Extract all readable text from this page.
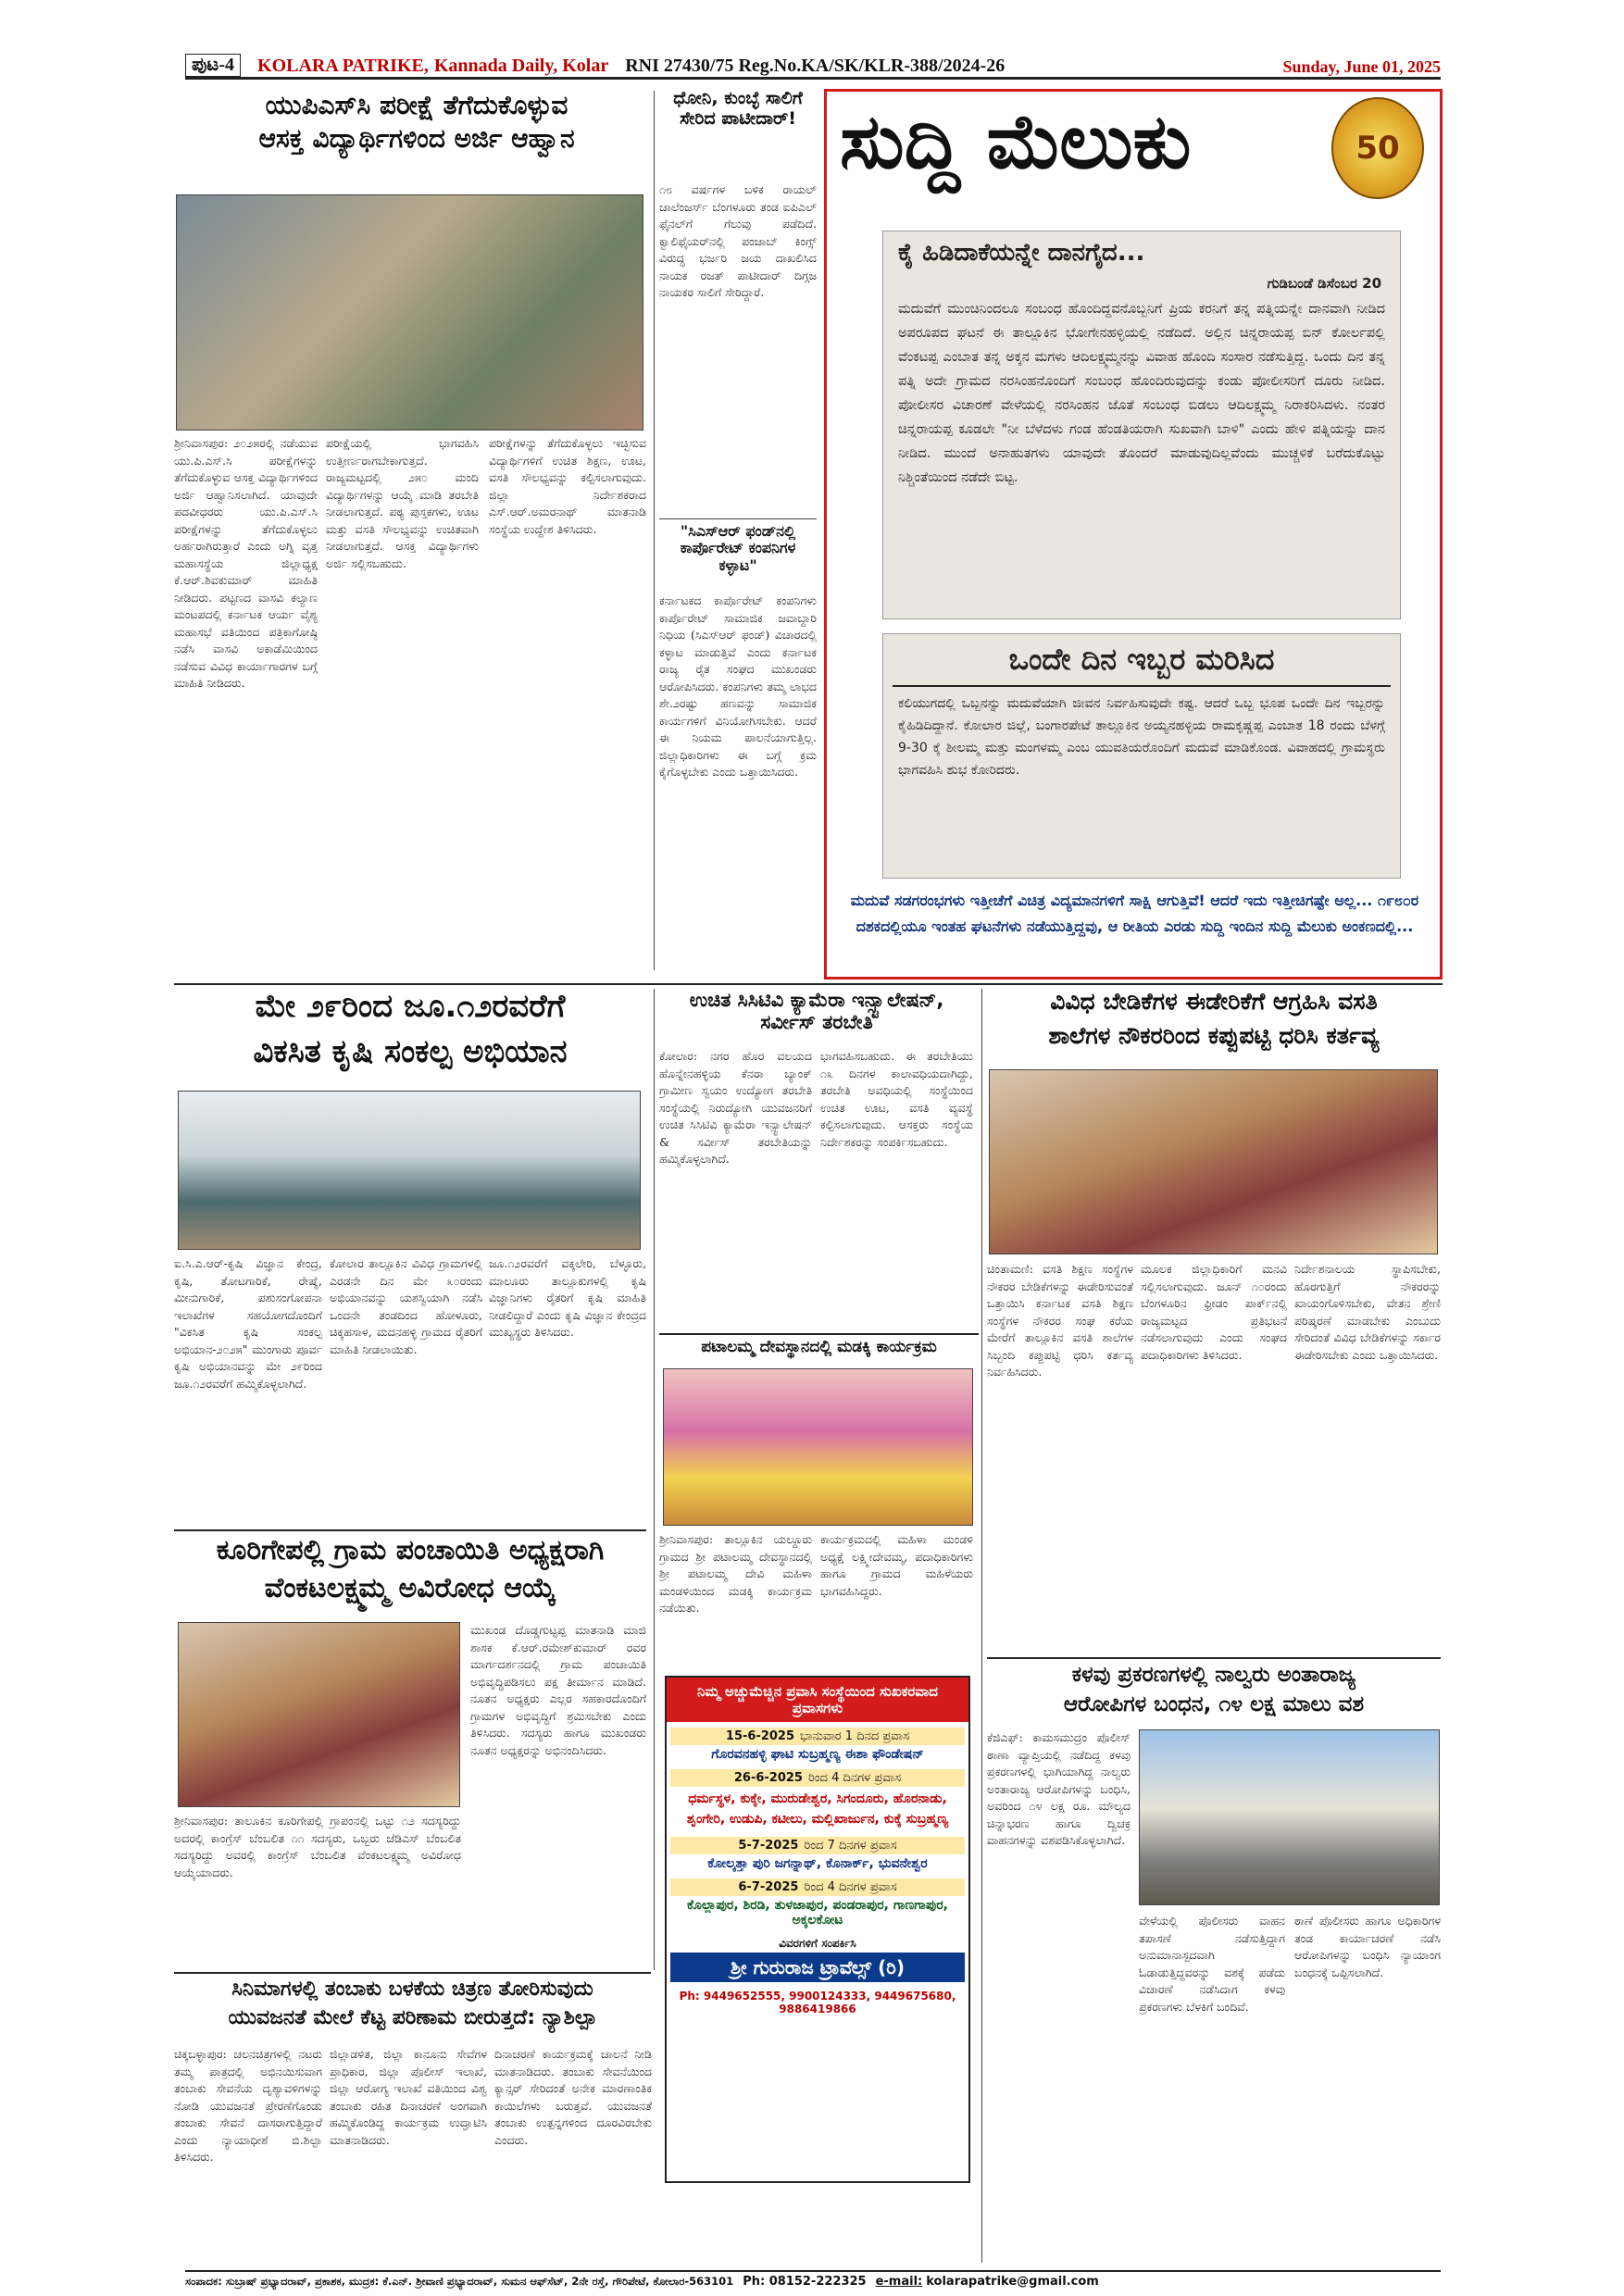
ಪುಟ-4	KOLARA PATRIKE, Kannada Daily, Kolar RNI 27430/75 Reg.No.KA/SK/KLR-388/2024-26	Sunday, June 01, 2025
ಯುಪಿಎಸ್‌ಸಿ ಪರೀಕ್ಷೆ ತೆಗೆದುಕೊಳ್ಳುವ
ಆಸಕ್ತ ವಿದ್ಯಾರ್ಥಿಗಳಿಂದ ಅರ್ಜಿ ಆಹ್ವಾನ
ಶ್ರೀನಿವಾಸಪುರ: ೨೦೨೫ರಲ್ಲಿ ನಡೆಯುವ ಯು.ಪಿ.ಎಸ್.ಸಿ ಪರೀಕ್ಷೆಗಳನ್ನು ತೆಗೆದುಕೊಳ್ಳುವ ಆಸಕ್ತ ವಿದ್ಯಾರ್ಥಿಗಳಿಂದ ಅರ್ಜಿ ಆಹ್ವಾನಿಸಲಾಗಿದೆ. ಯಾವುದೇ ಪದವೀಧರರು ಯು.ಪಿ.ಎಸ್.ಸಿ ಪರೀಕ್ಷೆಗಳನ್ನು ತೆಗೆದುಕೊಳ್ಳಲು ಅರ್ಹರಾಗಿರುತ್ತಾರೆ ಎಂದು ಅಗ್ನಿ ವೃತ್ತ ಮಹಾಸಸ್ಥೆಯ ಜಿಲ್ಲಾಧ್ಯಕ್ಷ ಕೆ.ಆರ್.ಶಿವಕುಮಾರ್ ಮಾಹಿತಿ ನೀಡಿದರು. ಪಟ್ಟಣದ ವಾಸವಿ ಕಲ್ಯಾಣ ಮಂಟಪದಲ್ಲಿ ಕರ್ನಾಟಕ ಆರ್ಯ ವೈಶ್ಯ ಮಹಾಸಭೆ ವತಿಯಿಂದ ಪತ್ರಿಕಾಗೋಷ್ಠಿ ನಡೆಸಿ ವಾಸವಿ ಅಕಾಡೆಮಿಯಿಂದ ನಡೆಸುವ ವಿವಿಧ ಕಾರ್ಯಾಗಾರಗಳ ಬಗ್ಗೆ ಮಾಹಿತಿ ನೀಡಿದರು.
ಪರೀಕ್ಷೆಯಲ್ಲಿ ಭಾಗವಹಿಸಿ ಉತ್ತೀರ್ಣರಾಗಬೇಕಾಗುತ್ತದೆ. ರಾಜ್ಯಮಟ್ಟದಲ್ಲಿ ೨೫೦ ಮಂದಿ ವಿದ್ಯಾರ್ಥಿಗಳನ್ನು ಆಯ್ಕೆ ಮಾಡಿ ತರಬೇತಿ ನೀಡಲಾಗುತ್ತದೆ. ಪಠ್ಯ ಪುಸ್ತಕಗಳು, ಊಟ ಮತ್ತು ವಸತಿ ಸೌಲಭ್ಯವನ್ನು ಉಚಿತವಾಗಿ ನೀಡಲಾಗುತ್ತದೆ. ಆಸಕ್ತ ವಿದ್ಯಾರ್ಥಿಗಳು ಅರ್ಜಿ ಸಲ್ಲಿಸಬಹುದು.
ಪರೀಕ್ಷೆಗಳನ್ನು ತೆಗೆದುಕೊಳ್ಳಲು ಇಚ್ಛಿಸುವ ವಿದ್ಯಾರ್ಥಿಗಳಿಗೆ ಉಚಿತ ಶಿಕ್ಷಣ, ಊಟ, ವಸತಿ ಸೌಲಭ್ಯವನ್ನು ಕಲ್ಪಿಸಲಾಗುವುದು. ಜಿಲ್ಲಾ ನಿರ್ದೇಶಕರಾದ ಎಸ್.ಆರ್.ಅಮರನಾಥ್ ಮಾತನಾಡಿ ಸಂಸ್ಥೆಯ ಉದ್ದೇಶ ತಿಳಿಸಿದರು.
ಧೋನಿ, ಕುಂಬ್ಳೆ ಸಾಲಿಗೆ ಸೇರಿದ ಪಾಟೀದಾರ್!
೧೮ ವರ್ಷಗಳ ಬಳಿಕ ರಾಯಲ್ ಚಾಲೆಂಜರ್ಸ್ ಬೆಂಗಳೂರು ತಂಡ ಐಪಿಎಲ್ ಫೈನಲ್‌ಗೆ ಗೆಲುವು ಪಡೆದಿದೆ. ಕ್ವಾಲಿಫೈಯರ್‌ನಲ್ಲಿ ಪಂಜಾಬ್ ಕಿಂಗ್ಸ್ ವಿರುದ್ಧ ಭರ್ಜರಿ ಜಯ ದಾಖಲಿಸಿದ ನಾಯಕ ರಜತ್ ಪಾಟೀದಾರ್ ದಿಗ್ಗಜ ನಾಯಕರ ಸಾಲಿಗೆ ಸೇರಿದ್ದಾರೆ.
"ಸಿಎಸ್‌ಆರ್ ಫಂಡ್‌ನಲ್ಲಿ ಕಾರ್ಪೊರೇಟ್ ಕಂಪನಿಗಳ ಕಳ್ಳಾಟ"
ಕರ್ನಾಟಕದ ಕಾರ್ಪೊರೇಟ್ ಕಂಪನಿಗಳು ಕಾರ್ಪೊರೇಟ್ ಸಾಮಾಜಿಕ ಜವಾಬ್ದಾರಿ ನಿಧಿಯ (ಸಿಎಸ್‌ಆರ್ ಫಂಡ್) ವಿಚಾರದಲ್ಲಿ ಕಳ್ಳಾಟ ಮಾಡುತ್ತಿವೆ ಎಂದು ಕರ್ನಾಟಕ ರಾಜ್ಯ ರೈತ ಸಂಘದ ಮುಖಂಡರು ಆರೋಪಿಸಿದರು. ಕಂಪನಿಗಳು ತಮ್ಮ ಲಾಭದ ಶೇ.೨ರಷ್ಟು ಹಣವನ್ನು ಸಾಮಾಜಿಕ ಕಾರ್ಯಗಳಿಗೆ ವಿನಿಯೋಗಿಸಬೇಕು. ಆದರೆ ಈ ನಿಯಮ ಪಾಲನೆಯಾಗುತ್ತಿಲ್ಲ. ಜಿಲ್ಲಾಧಿಕಾರಿಗಳು ಈ ಬಗ್ಗೆ ಕ್ರಮ ಕೈಗೊಳ್ಳಬೇಕು ಎಂದು ಒತ್ತಾಯಿಸಿದರು.
ಸುದ್ದಿ ಮೆಲುಕು	50
ಕೈ ಹಿಡಿದಾಕೆಯನ್ನೇ ದಾನಗೈದ...
ಗುಡಿಬಂಡೆ ಡಿಸೆಂಬರ 20
ಮದುವೆಗೆ ಮುಂಚಿನಿಂದಲೂ ಸಂಬಂಧ ಹೊಂದಿದ್ದವನೊಬ್ಬನಿಗೆ ಪ್ರಿಯ ಕರನಿಗೆ ತನ್ನ ಪತ್ನಿಯನ್ನೇ ದಾನವಾಗಿ ನೀಡಿದ ಅಪರೂಪದ ಘಟನೆ ಈ ತಾಲ್ಲೂಕಿನ ಭೋಗೇನಹಳ್ಳಿಯಲ್ಲಿ ನಡೆದಿದೆ. ಅಲ್ಲಿನ ಚಿನ್ನರಾಯಪ್ಪ ಬಿನ್ ಕೋರ್ಲಪಲ್ಲಿ ವೆಂಕಟಪ್ಪ ಎಂಬಾತ ತನ್ನ ಅಕ್ಕನ ಮಗಳು ಆದಿಲಕ್ಷ್ಮಮ್ಮನನ್ನು ವಿವಾಹ ಹೊಂದಿ ಸಂಸಾರ ನಡೆಸುತ್ತಿದ್ದ. ಒಂದು ದಿನ ತನ್ನ ಪತ್ನಿ ಅದೇ ಗ್ರಾಮದ ನರಸಿಂಹನೊಂದಿಗೆ ಸಂಬಂಧ ಹೊಂದಿರುವುದನ್ನು ಕಂಡು ಪೋಲೀಸರಿಗೆ ದೂರು ನೀಡಿದ. ಪೋಲೀಸರ ವಿಚಾರಣೆ ವೇಳೆಯಲ್ಲಿ ನರಸಿಂಹನ ಜೊತೆ ಸಂಬಂಧ ಬಿಡಲು ಆದಿಲಕ್ಷ್ಮಮ್ಮ ನಿರಾಕರಿಸಿದಳು. ನಂತರ ಚಿನ್ನರಾಯಪ್ಪ ಕೂಡಲೇ "ನೀ ಬೆಳೆದಳು ಗಂಡ ಹೆಂಡತಿಯರಾಗಿ ಸುಖವಾಗಿ ಬಾಳಿ" ಎಂದು ಹೇಳಿ ಪತ್ನಿಯನ್ನು ದಾನ ನೀಡಿದ. ಮುಂದೆ ಅನಾಹುತಗಳು ಯಾವುದೇ ತೊಂದರೆ ಮಾಡುವುದಿಲ್ಲವೆಂದು ಮುಚ್ಚಳಿಕೆ ಬರೆದುಕೊಟ್ಟು ನಿಶ್ಚಿಂತೆಯಿಂದ ನಡೆದೇ ಬಿಟ್ಟ.
ಒಂದೇ ದಿನ ಇಬ್ಬರ ಮರಿಸಿದ
ಕಲಿಯುಗದಲ್ಲಿ ಒಬ್ಬನನ್ನು ಮದುವೆಯಾಗಿ ಜೀವನ ನಿರ್ವಹಿಸುವುದೇ ಕಷ್ಟ. ಆದರೆ ಒಬ್ಬ ಭೂಪ ಒಂದೇ ದಿನ ಇಬ್ಬರನ್ನು ಕೈಹಿಡಿದಿದ್ದಾನೆ. ಕೋಲಾರ ಜಿಲ್ಲೆ, ಬಂಗಾರಪೇಟೆ ತಾಲ್ಲೂಕಿನ ಅಯ್ಯನಹಳ್ಳಿಯ ರಾಮಕೃಷ್ಣಪ್ಪ ಎಂಬಾತ 18 ರಂದು ಬೆಳಗ್ಗೆ 9-30 ಕ್ಕೆ ಶೀಲಮ್ಮ ಮತ್ತು ಮಂಗಳಮ್ಮ ಎಂಬ ಯುವತಿಯರೊಂದಿಗೆ ಮದುವೆ ಮಾಡಿಕೊಂಡ. ವಿವಾಹದಲ್ಲಿ ಗ್ರಾಮಸ್ಥರು ಭಾಗವಹಿಸಿ ಶುಭ ಕೋರಿದರು.
ಮದುವೆ ಸಡಗರಂಭಗಳು ಇತ್ತೀಚೆಗೆ ವಿಚಿತ್ರ ವಿದ್ಯಮಾನಗಳಿಗೆ ಸಾಕ್ಷಿ ಆಗುತ್ತಿವೆ! ಆದರೆ ಇದು ಇತ್ತೀಚಿಗಷ್ಟೇ ಅಲ್ಲ... ೧೯೮೦ರ ದಶಕದಲ್ಲಿಯೂ ಇಂತಹ ಘಟನೆಗಳು ನಡೆಯುತ್ತಿದ್ದವು, ಆ ರೀತಿಯ ಎರಡು ಸುದ್ದಿ ಇಂದಿನ ಸುದ್ದಿ ಮೆಲುಕು ಅಂಕಣದಲ್ಲಿ...
ಮೇ ೨೯ರಿಂದ ಜೂ.೧೨ರವರೆಗೆ
ವಿಕಸಿತ ಕೃಷಿ ಸಂಕಲ್ಪ ಅಭಿಯಾನ
ಐ.ಸಿ.ಎ.ಆರ್-ಕೃಷಿ ವಿಜ್ಞಾನ ಕೇಂದ್ರ, ಕೃಷಿ, ತೋಟಗಾರಿಕೆ, ರೇಷ್ಮೆ, ಮೀನುಗಾರಿಕೆ, ಪಶುಸಂಗೋಪನಾ ಇಲಾಖೆಗಳ ಸಹಯೋಗದೊಂದಿಗೆ "ವಿಕಸಿತ ಕೃಷಿ ಸಂಕಲ್ಪ ಅಭಿಯಾನ-೨೦೨೫" ಮುಂಗಾರು ಪೂರ್ವ ಕೃಷಿ ಅಭಿಯಾನವನ್ನು ಮೇ ೨೯ರಿಂದ ಜೂ.೧೨ರವರೆಗೆ ಹಮ್ಮಿಕೊಳ್ಳಲಾಗಿದೆ.
ಕೋಲಾರ ತಾಲ್ಲೂಕಿನ ವಿವಿಧ ಗ್ರಾಮಗಳಲ್ಲಿ ಎರಡನೇ ದಿನ ಮೇ ೩೦ರಂದು ಅಭಿಯಾನವನ್ನು ಯಶಸ್ವಿಯಾಗಿ ನಡೆಸಿ ಒಂದನೇ ತಂಡದಿಂದ ಹೋಳೂರು, ಚಿಕ್ಕಹಸಾಳ, ಮದನಹಳ್ಳಿ ಗ್ರಾಮದ ರೈತರಿಗೆ ಮಾಹಿತಿ ನೀಡಲಾಯಿತು.
ಜೂ.೧೨ರವರೆಗೆ ವಕ್ಕಲೇರಿ, ಬೆಳ್ಳೂರು, ಮಾಲೂರು ತಾಲ್ಲೂಕುಗಳಲ್ಲಿ ಕೃಷಿ ವಿಜ್ಞಾನಿಗಳು ರೈತರಿಗೆ ಕೃಷಿ ಮಾಹಿತಿ ನೀಡಲಿದ್ದಾರೆ ಎಂದು ಕೃಷಿ ವಿಜ್ಞಾನ ಕೇಂದ್ರದ ಮುಖ್ಯಸ್ಥರು ತಿಳಿಸಿದರು.
ಕೂರಿಗೇಪಲ್ಲಿ ಗ್ರಾಮ ಪಂಚಾಯಿತಿ ಅಧ್ಯಕ್ಷರಾಗಿ
ವೆಂಕಟಲಕ್ಷ್ಮಮ್ಮ ಅವಿರೋಧ ಆಯ್ಕೆ
ಶ್ರೀನಿವಾಸಪುರ: ತಾಲೂಕಿನ ಕೂರಿಗೇಪಲ್ಲಿ ಗ್ರಾಪಂನಲ್ಲಿ ಒಟ್ಟು ೧೨ ಸದಸ್ಯರಿದ್ದು ಅದರಲ್ಲಿ ಕಾಂಗ್ರೆಸ್ ಬೆಂಬಲಿತ ೧೧ ಸದಸ್ಯರು, ಒಬ್ಬರು ಜೆಡಿಎಸ್ ಬೆಂಬಲಿತ ಸದಸ್ಯರಿದ್ದು ಅವರಲ್ಲಿ ಕಾಂಗ್ರೆಸ್ ಬೆಂಬಲಿತ ವೆಂಕಟಲಕ್ಷ್ಮಮ್ಮ ಅವಿರೋಧ ಆಯ್ಕೆಯಾದರು.
ಮುಖಂಡ ದೊಡ್ಡಗುಟ್ಟಪ್ಪ ಮಾತನಾಡಿ ಮಾಜಿ ಶಾಸಕ ಕೆ.ಆರ್.ರಮೇಶ್‌ಕುಮಾರ್ ರವರ ಮಾರ್ಗದರ್ಶನದಲ್ಲಿ ಗ್ರಾಮ ಪಂಚಾಯಿತಿ ಅಭಿವೃದ್ಧಿಪಡಿಸಲು ಪಕ್ಷ ತೀರ್ಮಾನ ಮಾಡಿದೆ. ನೂತನ ಅಧ್ಯಕ್ಷರು ಎಲ್ಲರ ಸಹಕಾರದೊಂದಿಗೆ ಗ್ರಾಮಗಳ ಅಭಿವೃದ್ಧಿಗೆ ಶ್ರಮಿಸಬೇಕು ಎಂದು ತಿಳಿಸಿದರು. ಸದಸ್ಯರು ಹಾಗೂ ಮುಖಂಡರು ನೂತನ ಅಧ್ಯಕ್ಷರನ್ನು ಅಭಿನಂದಿಸಿದರು.
ಸಿನಿಮಾಗಳಲ್ಲಿ ತಂಬಾಕು ಬಳಕೆಯ ಚಿತ್ರಣ ತೋರಿಸುವುದು
ಯುವಜನತೆ ಮೇಲೆ ಕೆಟ್ಟ ಪರಿಣಾಮ ಬೀರುತ್ತದೆ: ನ್ಯಾಶಿಲ್ಪಾ
ಚಿಕ್ಕಬಳ್ಳಾಪುರ: ಚಲನಚಿತ್ರಗಳಲ್ಲಿ ನಟರು ತಮ್ಮ ಪಾತ್ರದಲ್ಲಿ ಅಭಿನಯಿಸುವಾಗ ತಂಬಾಕು ಸೇವನೆಯ ದೃಶ್ಯಾವಳಿಗಳನ್ನು ನೋಡಿ ಯುವಜನತೆ ಪ್ರೇರಣೆಗೊಂಡು ತಂಬಾಕು ಸೇವನೆ ದಾಸರಾಗುತ್ತಿದ್ದಾರೆ ಎಂದು ನ್ಯಾಯಾಧೀಶೆ ಬಿ.ಶಿಲ್ಪಾ ತಿಳಿಸಿದರು.
ಜಿಲ್ಲಾಡಳಿತ, ಜಿಲ್ಲಾ ಕಾನೂನು ಸೇವೆಗಳ ಪ್ರಾಧಿಕಾರ, ಜಿಲ್ಲಾ ಪೊಲೀಸ್ ಇಲಾಖೆ, ಜಿಲ್ಲಾ ಆರೋಗ್ಯ ಇಲಾಖೆ ವತಿಯಿಂದ ವಿಶ್ವ ತಂಬಾಕು ರಹಿತ ದಿನಾಚರಣೆ ಅಂಗವಾಗಿ ಹಮ್ಮಿಕೊಂಡಿದ್ದ ಕಾರ್ಯಕ್ರಮ ಉದ್ಘಾಟಿಸಿ ಮಾತನಾಡಿದರು.
ದಿನಾಚರಣೆ ಕಾರ್ಯಕ್ರಮಕ್ಕೆ ಚಾಲನೆ ನೀಡಿ ಮಾತನಾಡಿದರು. ತಂಬಾಕು ಸೇವನೆಯಿಂದ ಕ್ಯಾನ್ಸರ್ ಸೇರಿದಂತೆ ಅನೇಕ ಮಾರಣಾಂತಿಕ ಕಾಯಿಲೆಗಳು ಬರುತ್ತವೆ. ಯುವಜನತೆ ತಂಬಾಕು ಉತ್ಪನ್ನಗಳಿಂದ ದೂರವಿರಬೇಕು ಎಂದರು.
ಉಚಿತ ಸಿಸಿಟಿವಿ ಕ್ಯಾಮೆರಾ ಇನ್ಸ್ಟಾಲೇಷನ್, ಸರ್ವೀಸ್ ತರಬೇತಿ
ಕೋಲಾರ: ನಗರ ಹೊರ ವಲಯದ ಹೊನ್ನೇನಹಳ್ಳಿಯ ಕೆನರಾ ಬ್ಯಾಂಕ್ ಗ್ರಾಮೀಣ ಸ್ವಯಂ ಉದ್ಯೋಗ ತರಬೇತಿ ಸಂಸ್ಥೆಯಲ್ಲಿ ನಿರುದ್ಯೋಗಿ ಯುವಜನರಿಗೆ ಉಚಿತ ಸಿಸಿಟಿವಿ ಕ್ಯಾಮೆರಾ ಇನ್ಸ್ಟಾಲೇಷನ್ & ಸರ್ವೀಸ್ ತರಬೇತಿಯನ್ನು ಹಮ್ಮಿಕೊಳ್ಳಲಾಗಿದೆ.
ಭಾಗವಹಿಸಬಹುದು. ಈ ತರಬೇತಿಯು ೧೩ ದಿನಗಳ ಕಾಲಾವಧಿಯದಾಗಿದ್ದು, ತರಬೇತಿ ಅವಧಿಯಲ್ಲಿ ಸಂಸ್ಥೆಯಿಂದ ಉಚಿತ ಊಟ, ವಸತಿ ವ್ಯವಸ್ಥೆ ಕಲ್ಪಿಸಲಾಗುವುದು. ಆಸಕ್ತರು ಸಂಸ್ಥೆಯ ನಿರ್ದೇಶಕರನ್ನು ಸಂಪರ್ಕಿಸಬಹುದು.
ಪಟಾಲಮ್ಮ ದೇವಸ್ಥಾನದಲ್ಲಿ ಮಡಕ್ಕಿ ಕಾರ್ಯಕ್ರಮ
ಶ್ರೀನಿವಾಸಪುರ: ತಾಲ್ಲೂಕಿನ ಯಲ್ದೂರು ಗ್ರಾಮದ ಶ್ರೀ ಪಟಾಲಮ್ಮ ದೇವಸ್ಥಾನದಲ್ಲಿ ಶ್ರೀ ಪಟಾಲಮ್ಮ ದೇವಿ ಮಹಿಳಾ ಮಂಡಳಿಯಿಂದ ಮಡಕ್ಕಿ ಕಾರ್ಯಕ್ರಮ ನಡೆಯಿತು.
ಕಾರ್ಯಕ್ರಮದಲ್ಲಿ ಮಹಿಳಾ ಮಂಡಳಿ ಅಧ್ಯಕ್ಷೆ ಲಕ್ಷ್ಮೀದೇವಮ್ಮ, ಪದಾಧಿಕಾರಿಗಳು ಹಾಗೂ ಗ್ರಾಮದ ಮಹಿಳೆಯರು ಭಾಗವಹಿಸಿದ್ದರು.
ನಿಮ್ಮ ಅಚ್ಚುಮೆಚ್ಚಿನ ಪ್ರವಾಸಿ ಸಂಸ್ಥೆಯಿಂದ ಸುಖಕರವಾದ ಪ್ರವಾಸಗಳು
15-6-2025 ಭಾನುವಾರ 1 ದಿನದ ಪ್ರವಾಸ
ಗೊರವನಹಳ್ಳಿ ಘಾಟಿ ಸುಬ್ರಹ್ಮಣ್ಯ ಈಶಾ ಫೌಂಡೇಷನ್
26-6-2025 ರಿಂದ 4 ದಿನಗಳ ಪ್ರವಾಸ
ಧರ್ಮಸ್ಥಳ, ಕುಕ್ಕೇ, ಮುರುಡೇಶ್ವರ, ಸಿಗಂದೂರು, ಹೊರನಾಡು, ಶೃಂಗೇರಿ, ಉಡುಪಿ, ಕಟೀಲು, ಮಲ್ಲಿಖಾರ್ಜುನ, ಕುಕ್ಕೆ ಸುಬ್ರಹ್ಮಣ್ಯ
5-7-2025 ರಿಂದ 7 ದಿನಗಳ ಪ್ರವಾಸ
ಕೋಲ್ಕತ್ತಾ ಪುರಿ ಜಗನ್ನಾಥ್, ಕೊನಾರ್ಕ್, ಭುವನೇಶ್ವರ
6-7-2025 ರಿಂದ 4 ದಿನಗಳ ಪ್ರವಾಸ
ಕೊಲ್ಲಾಪುರ, ಶಿರಡಿ, ತುಳಜಾಪುರ, ಪಂಡರಾಪುರ, ಗಾಣಗಾಪುರ, ಅಕ್ಕಲಕೋಟ
ವಿವರಗಳಿಗೆ ಸಂಪರ್ಕಿಸಿ
ಶ್ರೀ ಗುರುರಾಜ ಟ್ರಾವೆಲ್ಸ್ (ರಿ)
Ph: 9449652555, 9900124333, 9449675680, 9886419866
ವಿವಿಧ ಬೇಡಿಕೆಗಳ ಈಡೇರಿಕೆಗೆ ಆಗ್ರಹಿಸಿ ವಸತಿ
ಶಾಲೆಗಳ ನೌಕರರಿಂದ ಕಪ್ಪುಪಟ್ಟಿ ಧರಿಸಿ ಕರ್ತವ್ಯ
ಚಿಂತಾಮಣಿ: ವಸತಿ ಶಿಕ್ಷಣ ಸಂಸ್ಥೆಗಳ ನೌಕರರ ಬೇಡಿಕೆಗಳನ್ನು ಈಡೇರಿಸುವಂತೆ ಒತ್ತಾಯಿಸಿ ಕರ್ನಾಟಕ ವಸತಿ ಶಿಕ್ಷಣ ಸಂಸ್ಥೆಗಳ ನೌಕರರ ಸಂಘ ಕರೆಯ ಮೇರೆಗೆ ತಾಲ್ಲೂಕಿನ ವಸತಿ ಶಾಲೆಗಳ ಸಿಬ್ಬಂದಿ ಕಪ್ಪುಪಟ್ಟಿ ಧರಿಸಿ ಕರ್ತವ್ಯ ನಿರ್ವಹಿಸಿದರು.
ಮೂಲಕ ಜಿಲ್ಲಾಧಿಕಾರಿಗೆ ಮನವಿ ಸಲ್ಲಿಸಲಾಗುವುದು. ಜೂನ್ ೧೦ರಂದು ಬೆಂಗಳೂರಿನ ಫ್ರೀಡಂ ಪಾರ್ಕ್‌ನಲ್ಲಿ ರಾಜ್ಯಮಟ್ಟದ ಪ್ರತಿಭಟನೆ ನಡೆಸಲಾಗುವುದು ಎಂದು ಸಂಘದ ಪದಾಧಿಕಾರಿಗಳು ತಿಳಿಸಿದರು.
ನಿರ್ದೇಶನಾಲಯ ಸ್ಥಾಪಿಸಬೇಕು, ಹೊರಗುತ್ತಿಗೆ ನೌಕರರನ್ನು ಖಾಯಂಗೊಳಿಸಬೇಕು, ವೇತನ ಶ್ರೇಣಿ ಪರಿಷ್ಕರಣೆ ಮಾಡಬೇಕು ಎಂಬುದು ಸೇರಿದಂತೆ ವಿವಿಧ ಬೇಡಿಕೆಗಳನ್ನು ಸರ್ಕಾರ ಈಡೇರಿಸಬೇಕು ಎಂದು ಒತ್ತಾಯಿಸಿದರು.
ಕಳವು ಪ್ರಕರಣಗಳಲ್ಲಿ ನಾಲ್ವರು ಅಂತಾರಾಜ್ಯ
ಆರೋಪಿಗಳ ಬಂಧನ, ೧೪ ಲಕ್ಷ ಮಾಲು ವಶ
ಕೆಜಿಎಫ್: ಕಾಮಸಮುದ್ರಂ ಪೊಲೀಸ್ ಠಾಣಾ ವ್ಯಾಪ್ತಿಯಲ್ಲಿ ನಡೆದಿದ್ದ ಕಳವು ಪ್ರಕರಣಗಳಲ್ಲಿ ಭಾಗಿಯಾಗಿದ್ದ ನಾಲ್ವರು ಅಂತಾರಾಜ್ಯ ಆರೋಪಿಗಳನ್ನು ಬಂಧಿಸಿ, ಅವರಿಂದ ೧೪ ಲಕ್ಷ ರೂ. ಮೌಲ್ಯದ ಚಿನ್ನಾಭರಣ ಹಾಗೂ ದ್ವಿಚಕ್ರ ವಾಹನಗಳನ್ನು ವಶಪಡಿಸಿಕೊಳ್ಳಲಾಗಿದೆ.
ವೇಳೆಯಲ್ಲಿ ಪೊಲೀಸರು ವಾಹನ ತಪಾಸಣೆ ನಡೆಸುತ್ತಿದ್ದಾಗ ಅನುಮಾನಾಸ್ಪದವಾಗಿ ಓಡಾಡುತ್ತಿದ್ದವರನ್ನು ವಶಕ್ಕೆ ಪಡೆದು ವಿಚಾರಣೆ ನಡೆಸಿದಾಗ ಕಳವು ಪ್ರಕರಣಗಳು ಬೆಳಕಿಗೆ ಬಂದಿವೆ.
ಠಾಣೆ ಪೊಲೀಸರು ಹಾಗೂ ಅಧಿಕಾರಿಗಳ ತಂಡ ಕಾರ್ಯಾಚರಣೆ ನಡೆಸಿ ಆರೋಪಿಗಳನ್ನು ಬಂಧಿಸಿ ನ್ಯಾಯಾಂಗ ಬಂಧನಕ್ಕೆ ಒಪ್ಪಿಸಲಾಗಿದೆ.
ಸಂಪಾದಕ: ಸುಬ್ರಾಷ್ ಪ್ರಭ್ಯಾದರಾವ್, ಪ್ರಕಾಶಕ, ಮುದ್ರಕ: ಕೆ.ಎನ್. ಶ್ರೀವಾಣಿ ಪ್ರಭ್ಯಾದರಾವ್, ಸುಮನ ಆಫ್‌ಸೆಟ್, 2ನೇ ರಸ್ತೆ, ಗೌರಿಪೇಟೆ, ಕೋಲಾರ-563101 Ph: 08152-222325 e-mail: kolarapatrike@gmail.com
